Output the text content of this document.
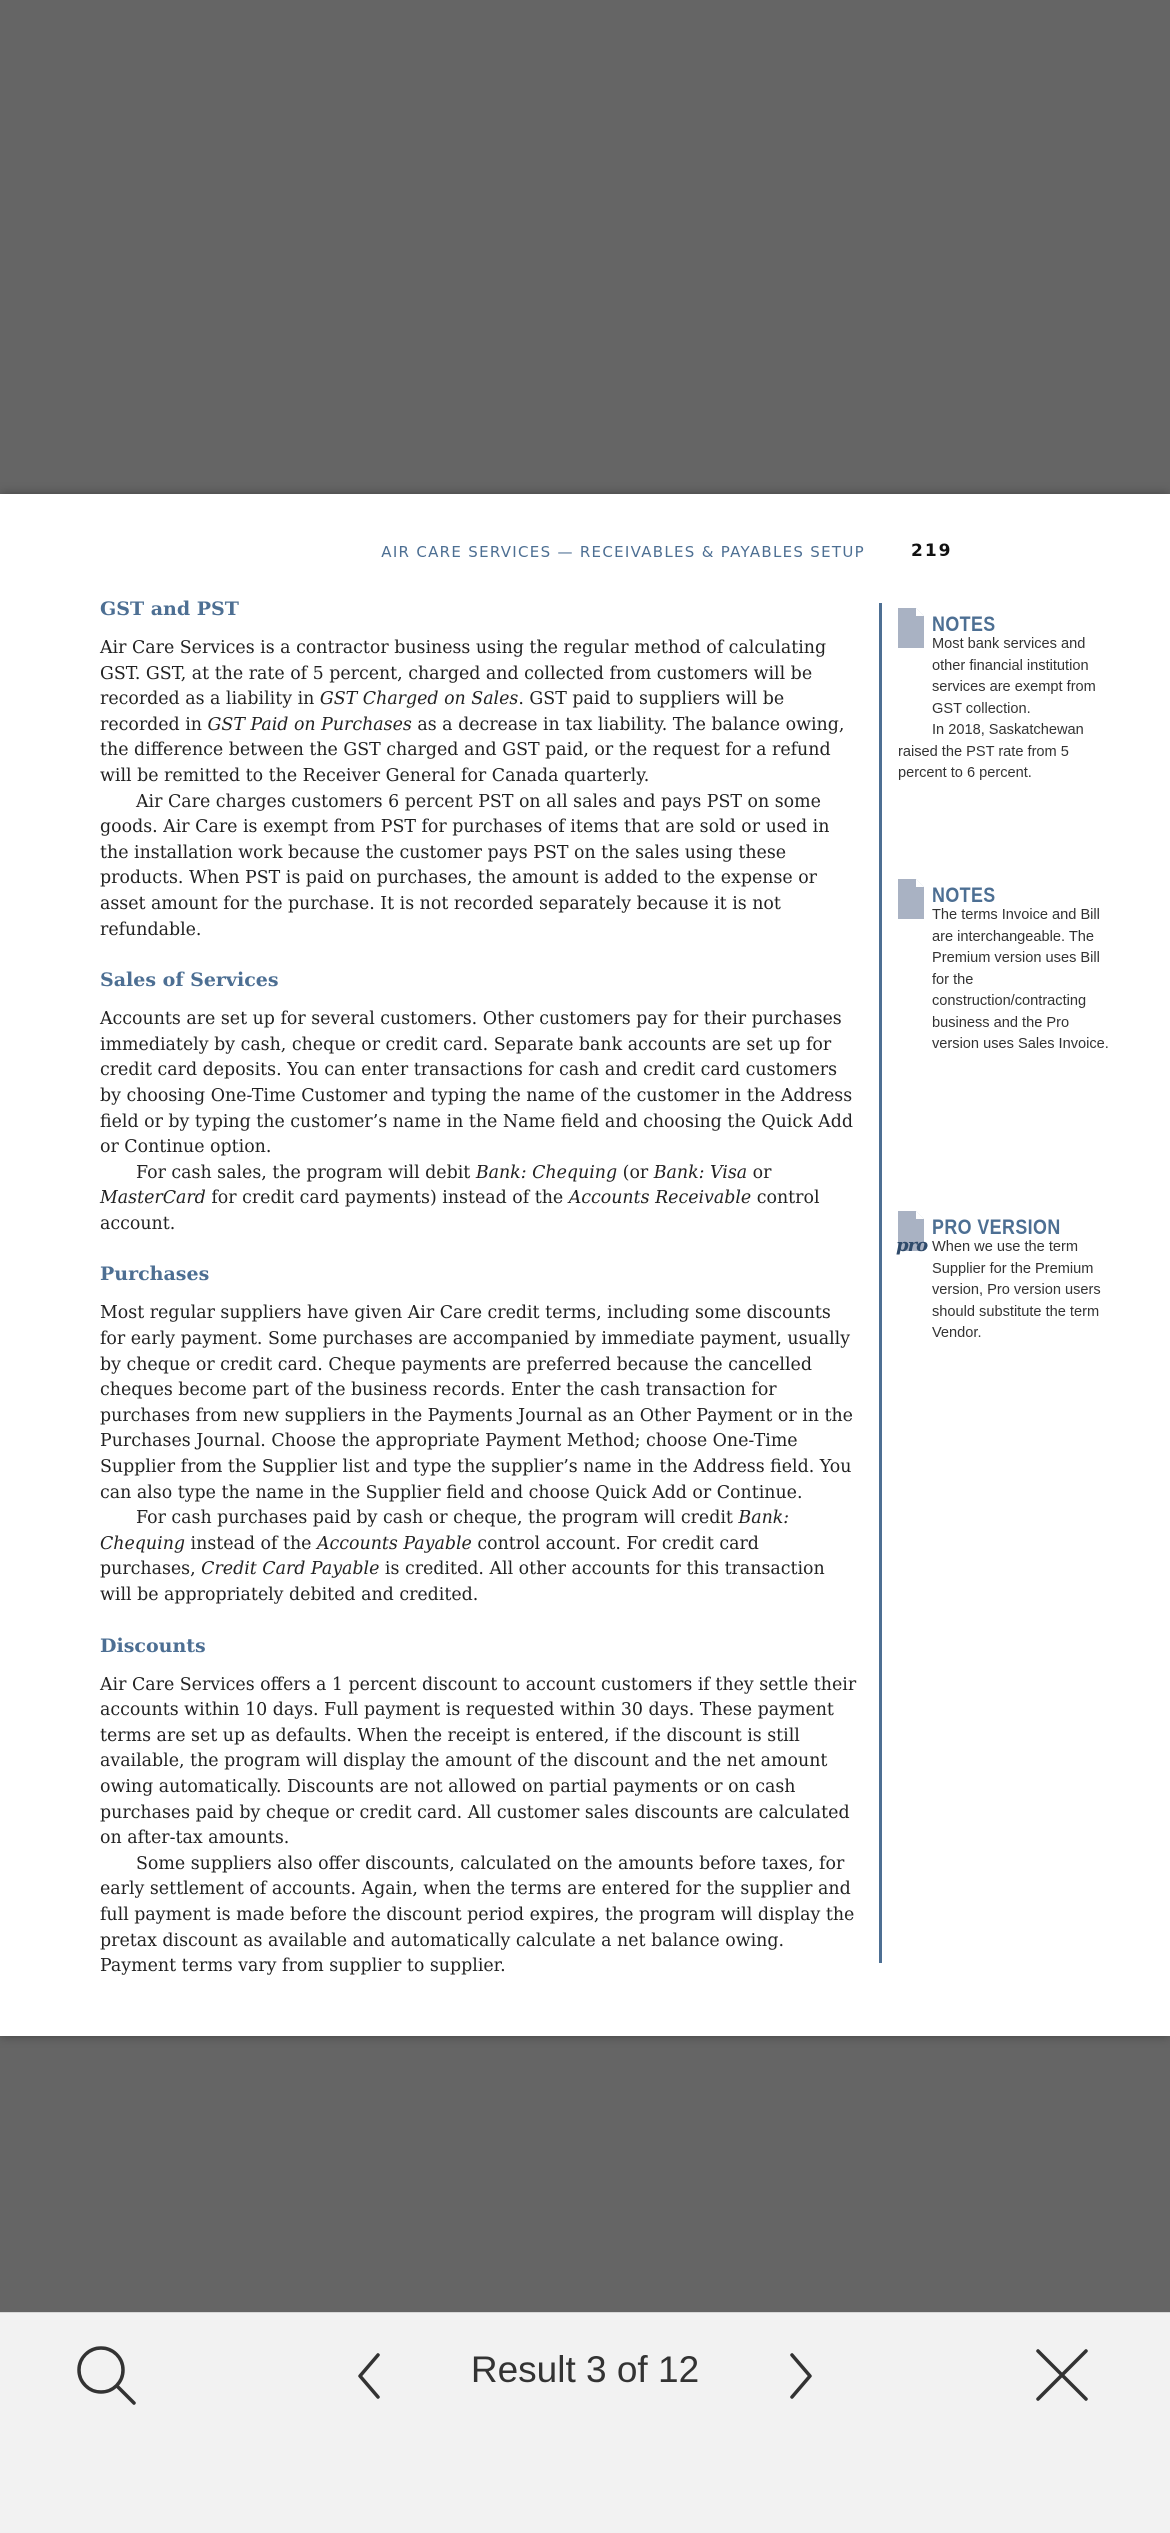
AIR CARE SERVICES — RECEIVABLES & PAYABLES SETUP	219
GST and PST

Air Care Services is a contractor business using the regular method of calculating GST. GST, at the rate of 5 percent, charged and collected from customers will be recorded as a liability in GST Charged on Sales. GST paid to suppliers will be recorded in GST Paid on Purchases as a decrease in tax liability. The balance owing, the difference between the GST charged and GST paid, or the request for a refund will be remitted to the Receiver General for Canada quarterly.

Air Care charges customers 6 percent PST on all sales and pays PST on some goods. Air Care is exempt from PST for purchases of items that are sold or used in the installation work because the customer pays PST on the sales using these products. When PST is paid on purchases, the amount is added to the expense or asset amount for the purchase. It is not recorded separately because it is not refundable.

Sales of Services

Accounts are set up for several customers. Other customers pay for their purchases immediately by cash, cheque or credit card. Separate bank accounts are set up for credit card deposits. You can enter transactions for cash and credit card customers by choosing One-Time Customer and typing the name of the customer in the Address field or by typing the customer’s name in the Name field and choosing the Quick Add or Continue option.

For cash sales, the program will debit Bank: Chequing (or Bank: Visa or MasterCard for credit card payments) instead of the Accounts Receivable control account.

Purchases

Most regular suppliers have given Air Care credit terms, including some discounts for early payment. Some purchases are accompanied by immediate payment, usually by cheque or credit card. Cheque payments are preferred because the cancelled cheques become part of the business records. Enter the cash transaction for purchases from new suppliers in the Payments Journal as an Other Payment or in the Purchases Journal. Choose the appropriate Payment Method; choose One-Time Supplier from the Supplier list and type the supplier’s name in the Address field. You can also type the name in the Supplier field and choose Quick Add or Continue.

For cash purchases paid by cash or cheque, the program will credit Bank: Chequing instead of the Accounts Payable control account. For credit card purchases, Credit Card Payable is credited. All other accounts for this transaction will be appropriately debited and credited.

Discounts

Air Care Services offers a 1 percent discount to account customers if they settle their accounts within 10 days. Full payment is requested within 30 days. These payment terms are set up as defaults. When the receipt is entered, if the discount is still available, the program will display the amount of the discount and the net amount owing automatically. Discounts are not allowed on partial payments or on cash purchases paid by cheque or credit card. All customer sales discounts are calculated on after-tax amounts.

Some suppliers also offer discounts, calculated on the amounts before taxes, for early settlement of accounts. Again, when the terms are entered for the supplier and full payment is made before the discount period expires, the program will display the pretax discount as available and automatically calculate a net balance owing. Payment terms vary from supplier to supplier.

NOTES

Most bank services and other financial institution services are exempt from GST collection.

In 2018, Saskatchewan raised the PST rate from 5 percent to 6 percent.

NOTES

The terms Invoice and Bill are interchangeable. The Premium version uses Bill for the construction/contracting business and the Pro version uses Sales Invoice.

pro
PRO VERSION

When we use the term Supplier for the Premium version, Pro version users should substitute the term Vendor.

Result 3 of 12
